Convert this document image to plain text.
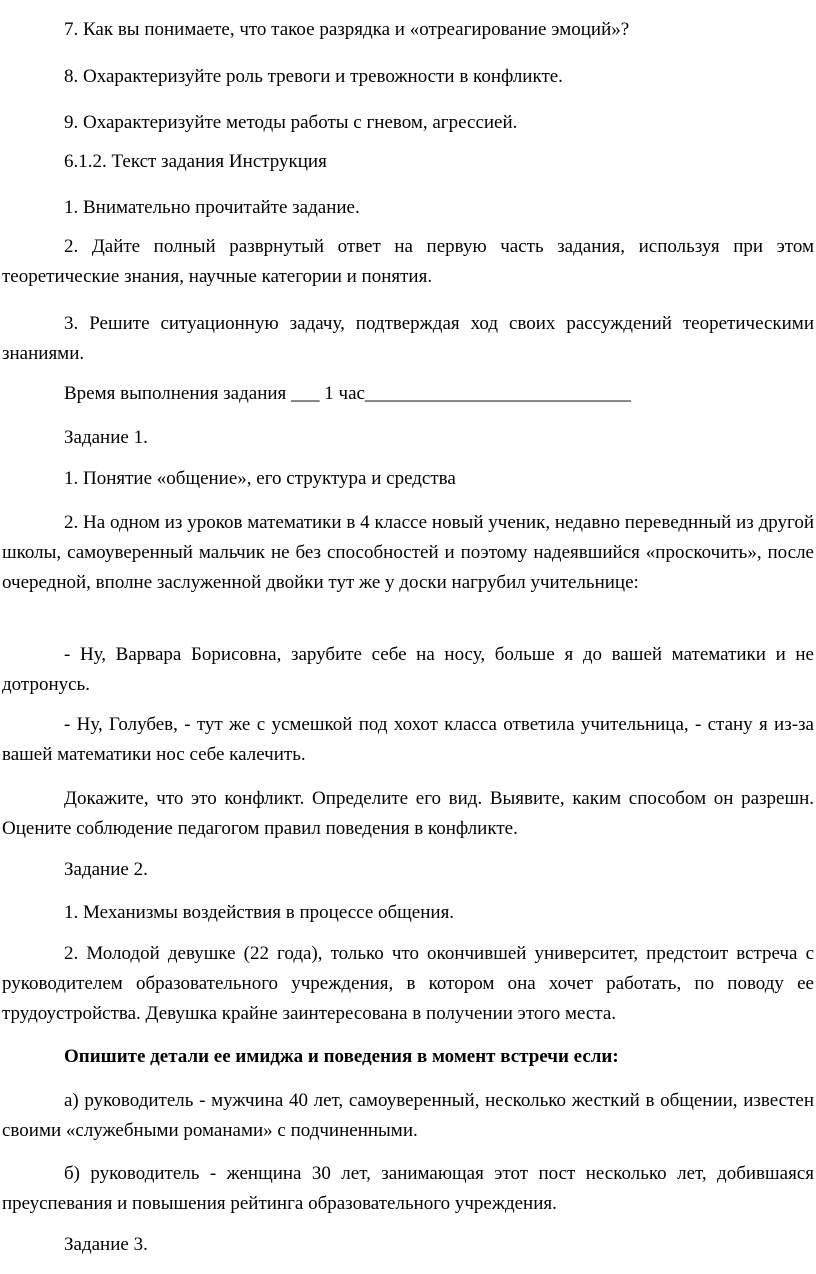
7. Как вы понимаете, что такое разрядка и «отреагирование эмоций»?

8. Охарактеризуйте роль тревоги и тревожности в конфликте.

9. Охарактеризуйте методы работы с гневом, агрессией.

6.1.2. Текст задания Инструкция

1. Внимательно прочитайте задание.

2. Дайте полный разврнутый ответ на первую часть задания, используя при этом теоретические знания, научные категории и понятия.

3. Решите ситуационную задачу, подтверждая ход своих рассуждений теоретическими знаниями.

Время выполнения задания ___ 1 час____________________________

Задание 1.

1. Понятие «общение», его структура и средства

2. На одном из уроков математики в 4 классе новый ученик, недавно переведнный из другой школы, самоуверенный мальчик не без способностей и поэтому надеявшийся «проскочить», после очередной, вполне заслуженной двойки тут же у доски нагрубил учительнице:

- Ну, Варвара Борисовна, зарубите себе на носу, больше я до вашей математики и не дотронусь.

- Ну, Голубев, - тут же с усмешкой под хохот класса ответила учительница, - стану я из-за вашей математики нос себе калечить.

Докажите, что это конфликт. Определите его вид. Выявите, каким способом он разрешн. Оцените соблюдение педагогом правил поведения в конфликте.

Задание 2.

1. Механизмы воздействия в процессе общения.

2. Молодой девушке (22 года), только что окончившей университет, предстоит встреча с руководителем образовательного учреждения, в котором она хочет работать, по поводу ее трудоустройства. Девушка крайне заинтересована в получении этого места.

Опишите детали ее имиджа и поведения в момент встречи если:

а) руководитель - мужчина 40 лет, самоуверенный, несколько жесткий в общении, известен своими «служебными романами» с подчиненными.

б) руководитель - женщина 30 лет, занимающая этот пост несколько лет, добившаяся преуспевания и повышения рейтинга образовательного учреждения.

Задание 3.
